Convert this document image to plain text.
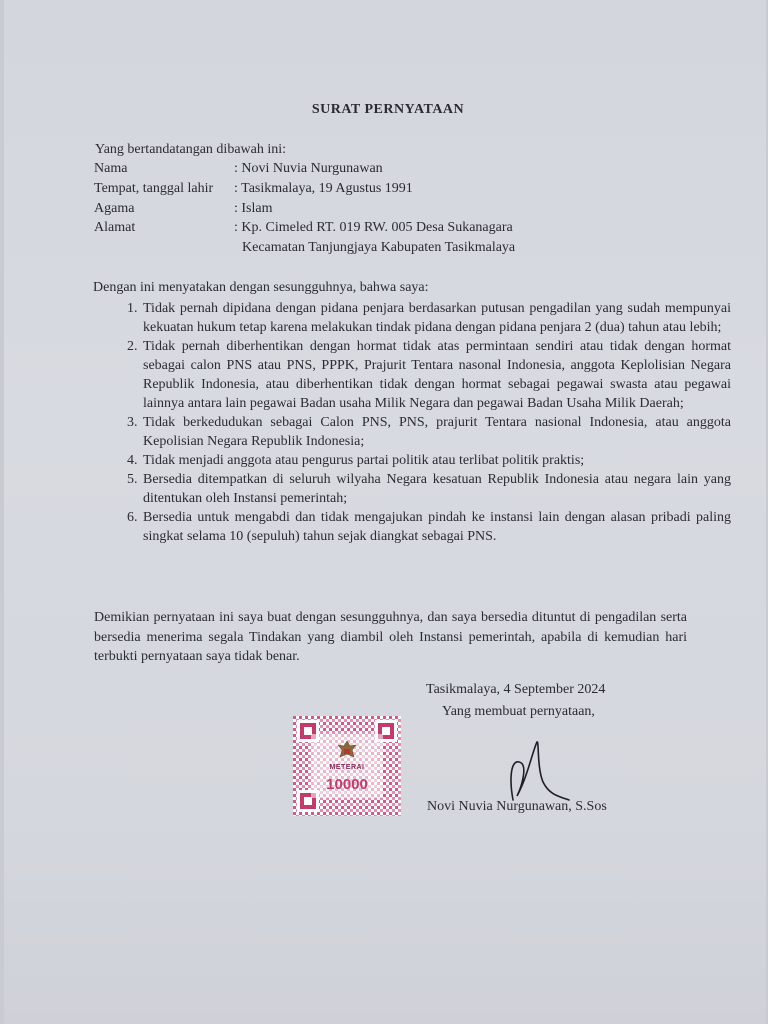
SURAT PERNYATAAN
Yang bertandatangan dibawah ini:
Nama	: Novi Nuvia Nurgunawan
Tempat, tanggal lahir : Tasikmalaya, 19 Agustus 1991
Agama	: Islam
Alamat	: Kp. Cimeled RT. 019 RW. 005 Desa Sukanagara
Kecamatan Tanjungjaya Kabupaten Tasikmalaya
Dengan ini menyatakan dengan sesungguhnya, bahwa saya:
1. Tidak pernah dipidana dengan pidana penjara berdasarkan putusan pengadilan yang sudah mempunyai kekuatan hukum tetap karena melakukan tindak pidana dengan pidana penjara 2 (dua) tahun atau lebih;
2. Tidak pernah diberhentikan dengan hormat tidak atas permintaan sendiri atau tidak dengan hormat sebagai calon PNS atau PNS, PPPK, Prajurit Tentara nasonal Indonesia, anggota Keplolisian Negara Republik Indonesia, atau diberhentikan tidak dengan hormat sebagai pegawai swasta atau pegawai lainnya antara lain pegawai Badan usaha Milik Negara dan pegawai Badan Usaha Milik Daerah;
3. Tidak berkedudukan sebagai Calon PNS, PNS, prajurit Tentara nasional Indonesia, atau anggota Kepolisian Negara Republik Indonesia;
4. Tidak menjadi anggota atau pengurus partai politik atau terlibat politik praktis;
5. Bersedia ditempatkan di seluruh wilyaha Negara kesatuan Republik Indonesia atau negara lain yang ditentukan oleh Instansi pemerintah;
6. Bersedia untuk mengabdi dan tidak mengajukan pindah ke instansi lain dengan alasan pribadi paling singkat selama 10 (sepuluh) tahun sejak diangkat sebagai PNS.
Demikian pernyataan ini saya buat dengan sesungguhnya, dan saya bersedia dituntut di pengadilan serta bersedia menerima segala Tindakan yang diambil oleh Instansi pemerintah, apabila di kemudian hari terbukti pernyataan saya tidak benar.
Tasikmalaya, 4 September 2024
Yang membuat pernyataan,
Novi Nuvia Nurgunawan, S.Sos
METERAI
10000
